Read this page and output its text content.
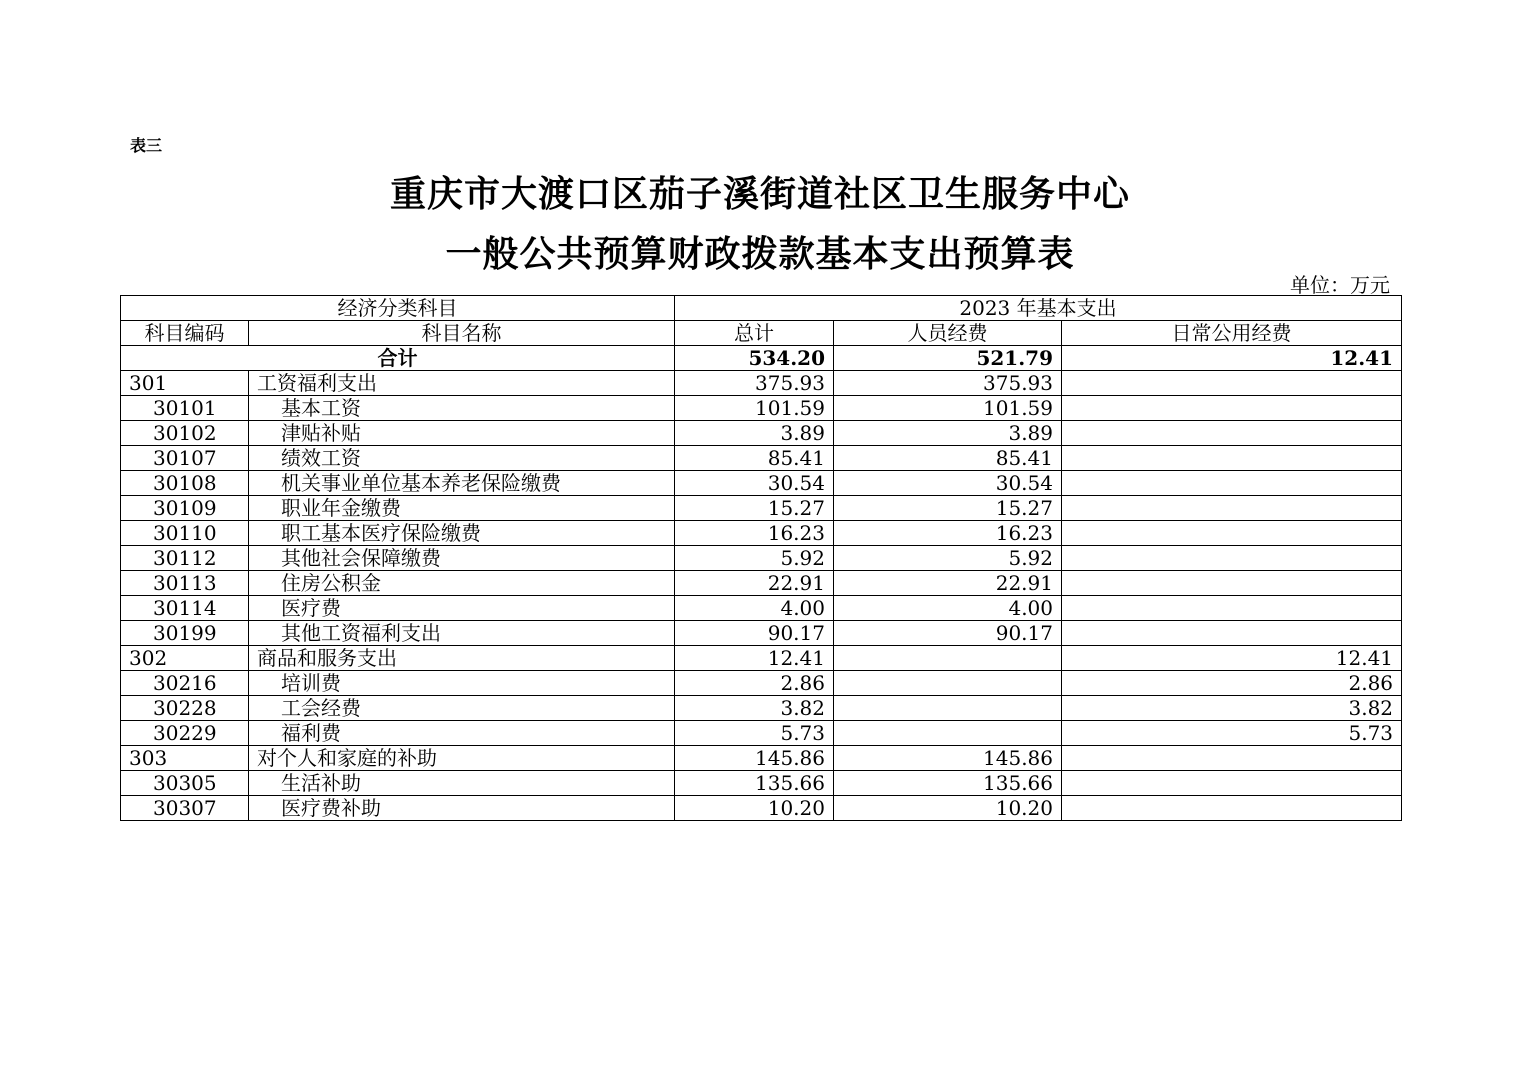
表三
重庆市大渡口区茄子溪街道社区卫生服务中心
一般公共预算财政拨款基本支出预算表
单位：万元
经济分类科目		2023 年基本支出		
科目编码	科目名称	总计	人员经费	日常公用经费
合计		534.20	521.79	12.41
301	工资福利支出	375.93	375.93	
30101	基本工资	101.59	101.59	
30102	津贴补贴	3.89	3.89	
30107	绩效工资	85.41	85.41	
30108	机关事业单位基本养老保险缴费	30.54	30.54	
30109	职业年金缴费	15.27	15.27	
30110	职工基本医疗保险缴费	16.23	16.23	
30112	其他社会保障缴费	5.92	5.92	
30113	住房公积金	22.91	22.91	
30114	医疗费	4.00	4.00	
30199	其他工资福利支出	90.17	90.17	
302	商品和服务支出	12.41		12.41
30216	培训费	2.86		2.86
30228	工会经费	3.82		3.82
30229	福利费	5.73		5.73
303	对个人和家庭的补助	145.86	145.86	
30305	生活补助	135.66	135.66	
30307	医疗费补助	10.20	10.20	
